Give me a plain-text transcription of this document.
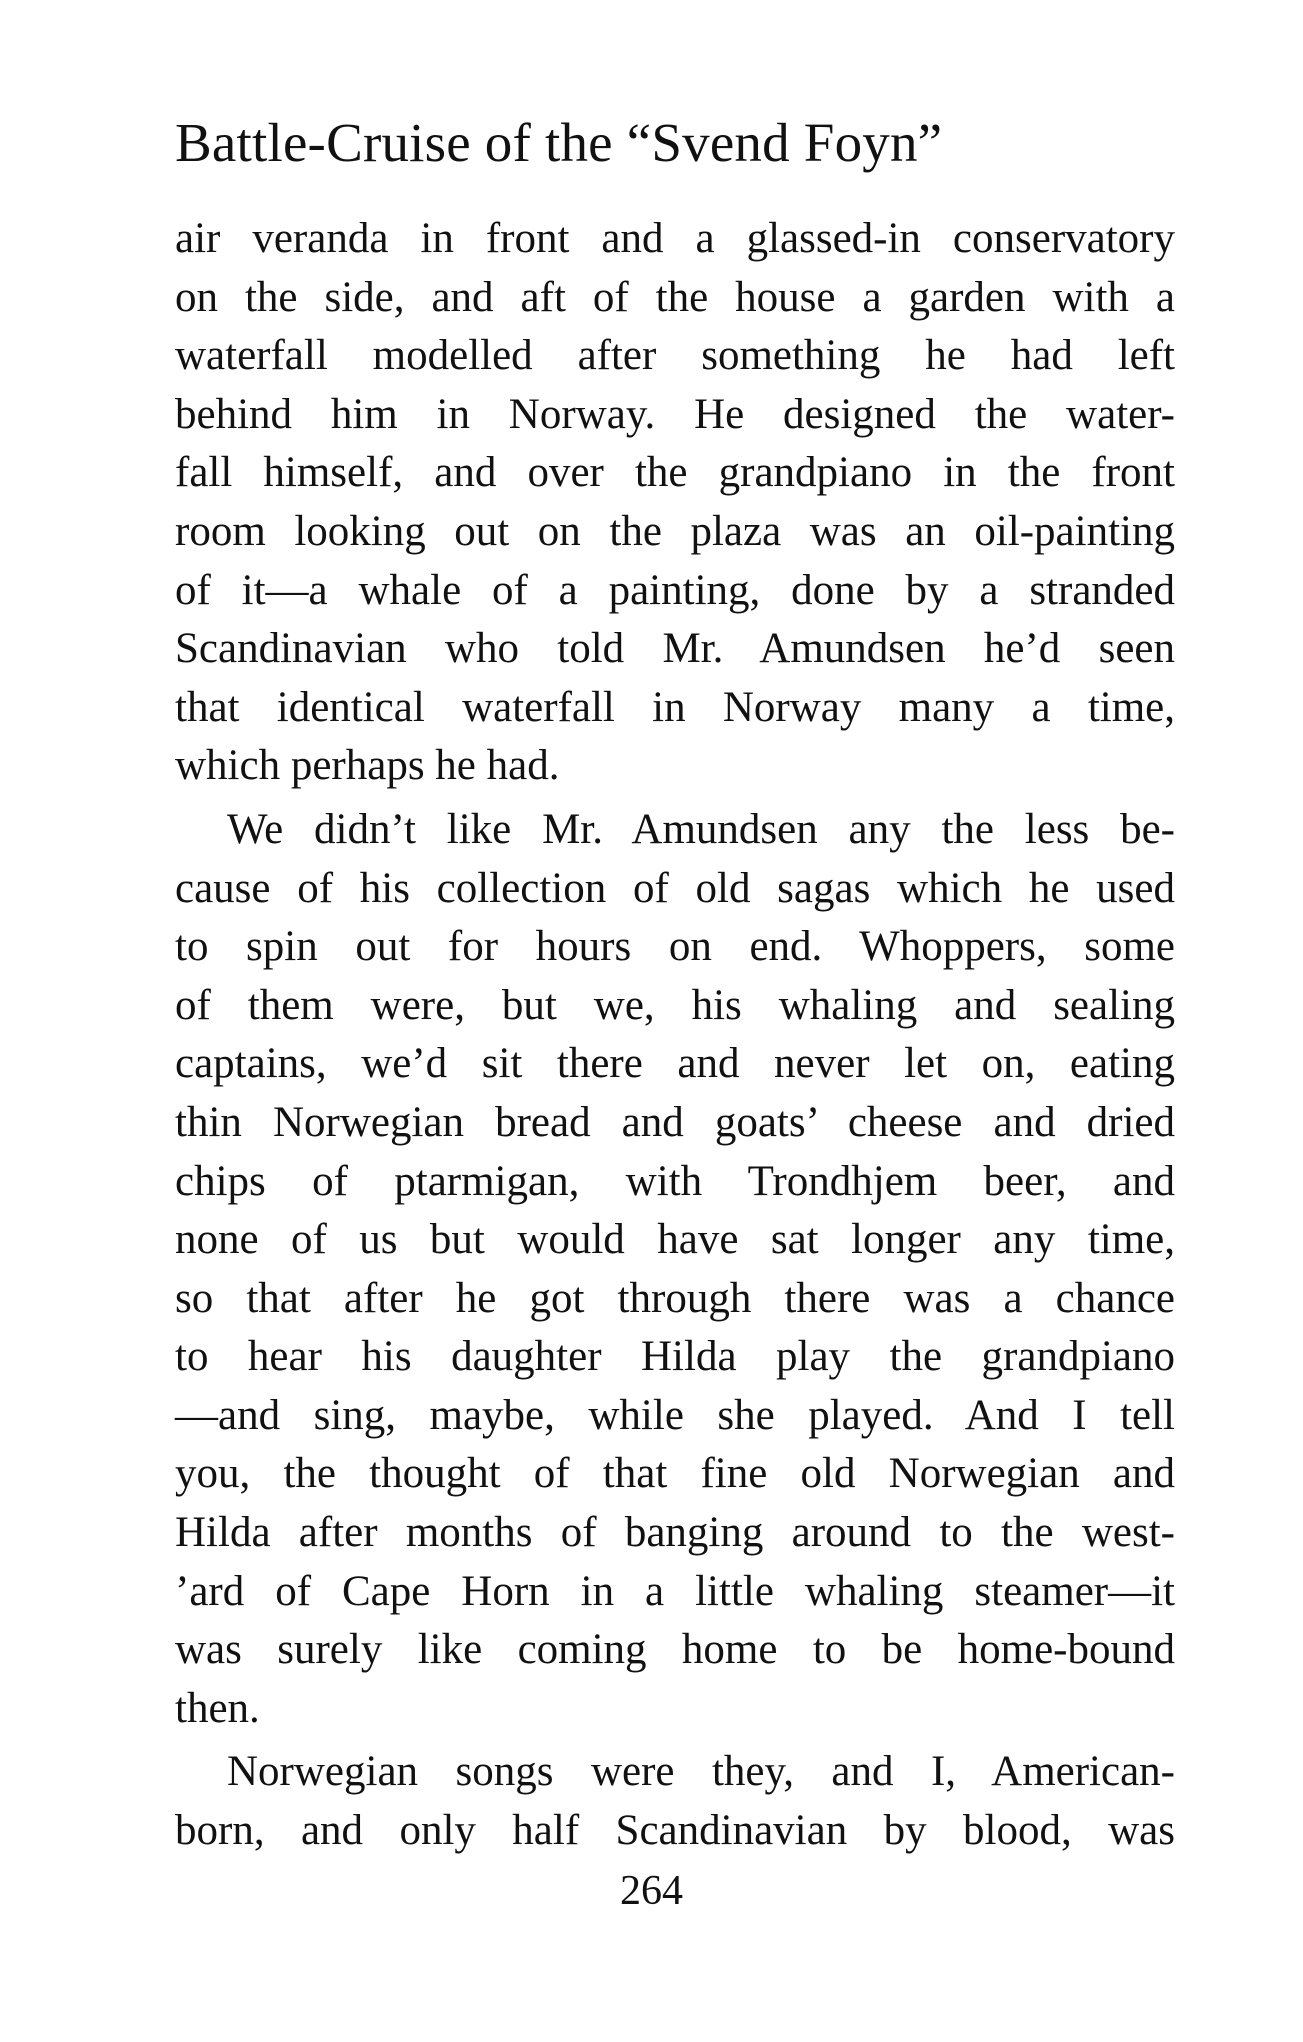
Battle-Cruise of the “Svend Foyn”

air veranda in front and a glassed-in conservatory
on the side, and aft of the house a garden with a
waterfall modelled after something he had left
behind him in Norway. He designed the water-
fall himself, and over the grandpiano in the front
room looking out on the plaza was an oil-painting
of it—a whale of a painting, done by a stranded
Scandinavian who told Mr. Amundsen he’d seen
that identical waterfall in Norway many a time,
which perhaps he had.

We didn’t like Mr. Amundsen any the less be-
cause of his collection of old sagas which he used
to spin out for hours on end. Whoppers, some
of them were, but we, his whaling and sealing
captains, we’d sit there and never let on, eating
thin Norwegian bread and goats’ cheese and dried
chips of ptarmigan, with Trondhjem beer, and
none of us but would have sat longer any time,
so that after he got through there was a chance
to hear his daughter Hilda play the grandpiano
—and sing, maybe, while she played. And I tell
you, the thought of that fine old Norwegian and
Hilda after months of banging around to the west-
’ard of Cape Horn in a little whaling steamer—it
was surely like coming home to be home-bound
then.

Norwegian songs were they, and I, American-
born, and only half Scandinavian by blood, was

264
